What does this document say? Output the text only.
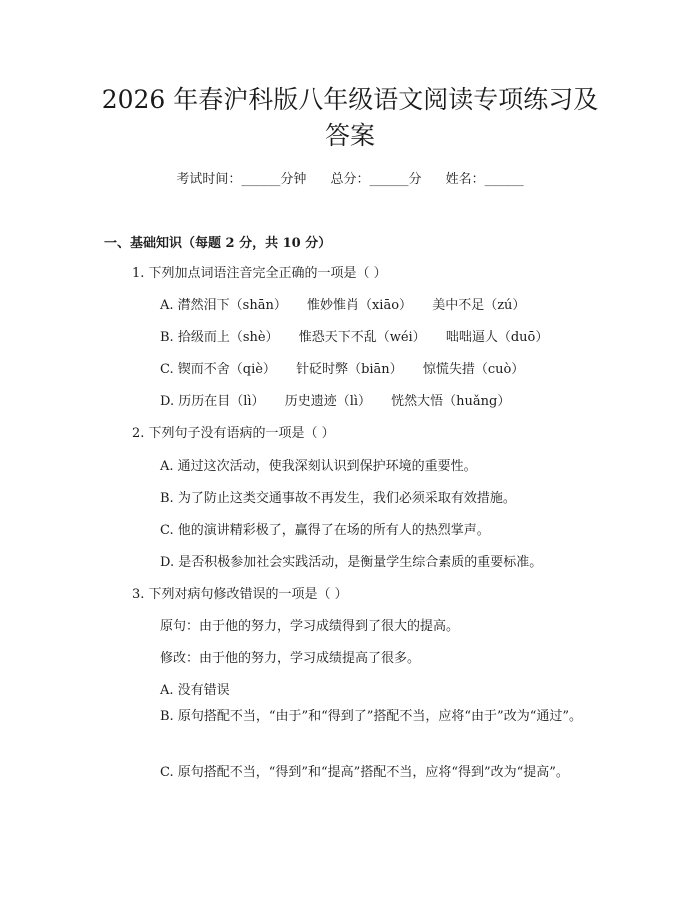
2026 年春沪科版八年级语文阅读专项练习及
答案
考试时间：______分钟 总分：______分 姓名：______
一、基础知识（每题 2 分，共 10 分）
1. 下列加点词语注音完全正确的一项是（ ）
A. 潸然泪下（shān） 惟妙惟肖（xiāo） 美中不足（zú）
B. 拾级而上（shè） 惟恐天下不乱（wéi） 咄咄逼人（duō）
C. 锲而不舍（qiè） 针砭时弊（biān） 惊慌失措（cuò）
D. 历历在目（lì） 历史遗迹（lì） 恍然大悟（huǎng）
2. 下列句子没有语病的一项是（ ）
A. 通过这次活动，使我深刻认识到保护环境的重要性。
B. 为了防止这类交通事故不再发生，我们必须采取有效措施。
C. 他的演讲精彩极了，赢得了在场的所有人的热烈掌声。
D. 是否积极参加社会实践活动，是衡量学生综合素质的重要标准。
3. 下列对病句修改错误的一项是（ ）
原句：由于他的努力，学习成绩得到了很大的提高。
修改：由于他的努力，学习成绩提高了很多。
A. 没有错误
B. 原句搭配不当，“由于”和“得到了”搭配不当，应将“由于”改为“通过”。
C. 原句搭配不当，“得到”和“提高”搭配不当，应将“得到”改为“提高”。
